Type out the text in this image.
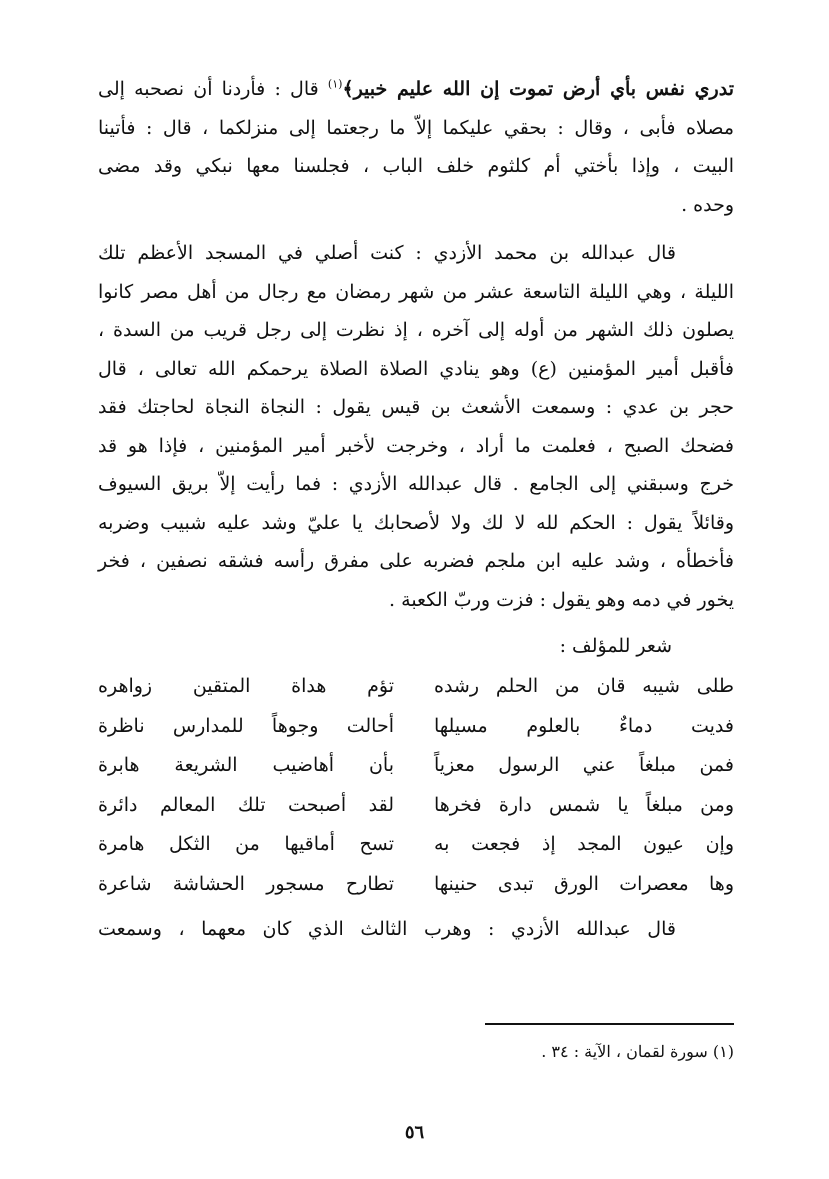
تدري نفس بأي أرض تموت إن الله عليم خبير﴾$^{(١)}$ قال : فأردنا أن نصحبه إلى
مصلاه فأبى ، وقال : بحقي عليكما إلاّ ما رجعتما إلى منزلكما ، قال : فأتينا
البيت ، وإذا بأختي أم كلثوم خلف الباب ، فجلسنا معها نبكي وقد مضى
وحده .

قال عبدالله بن محمد الأزدي : كنت أصلي في المسجد الأعظم تلك
الليلة ، وهي الليلة التاسعة عشر من شهر رمضان مع رجال من أهل مصر كانوا
يصلون ذلك الشهر من أوله إلى آخره ، إذ نظرت إلى رجل قريب من السدة ،
فأقبل أمير المؤمنين (ع) وهو ينادي الصلاة الصلاة يرحمكم الله تعالى ، قال
حجر بن عدي : وسمعت الأشعث بن قيس يقول : النجاة النجاة لحاجتك فقد
فضحك الصبح ، فعلمت ما أراد ، وخرجت لأخبر أمير المؤمنين ، فإذا هو قد
خرج وسبقني إلى الجامع . قال عبدالله الأزدي : فما رأيت إلاّ بريق السيوف
وقائلاً يقول : الحكم لله لا لك ولا لأصحابك يا عليّ وشد عليه شبيب وضربه
فأخطأه ، وشد عليه ابن ملجم فضربه على مفرق رأسه فشقه نصفين ، فخر
يخور في دمه وهو يقول : فزت وربّ الكعبة .

شعر للمؤلف :

طلى شيبه قان من الحلم رشده
تؤم هداة المتقين زواهره
فديت دماءٌ بالعلوم مسيلها
أحالت وجوهاً للمدارس ناظرة
فمن مبلغاً عني الرسول معزياً
بأن أهاضيب الشريعة هابرة
ومن مبلغاً يا شمس دارة فخرها
لقد أصبحت تلك المعالم دائرة
وإن عيون المجد إذ فجعت به
تسح أماقيها من الثكل هامرة
وها معصرات الورق تبدى حنينها
تطارح مسجور الحشاشة شاعرة

قال عبدالله الأزدي : وهرب الثالث الذي كان معهما ، وسمعت

(١) سورة لقمان ، الآية : ٣٤ .
٥٦
